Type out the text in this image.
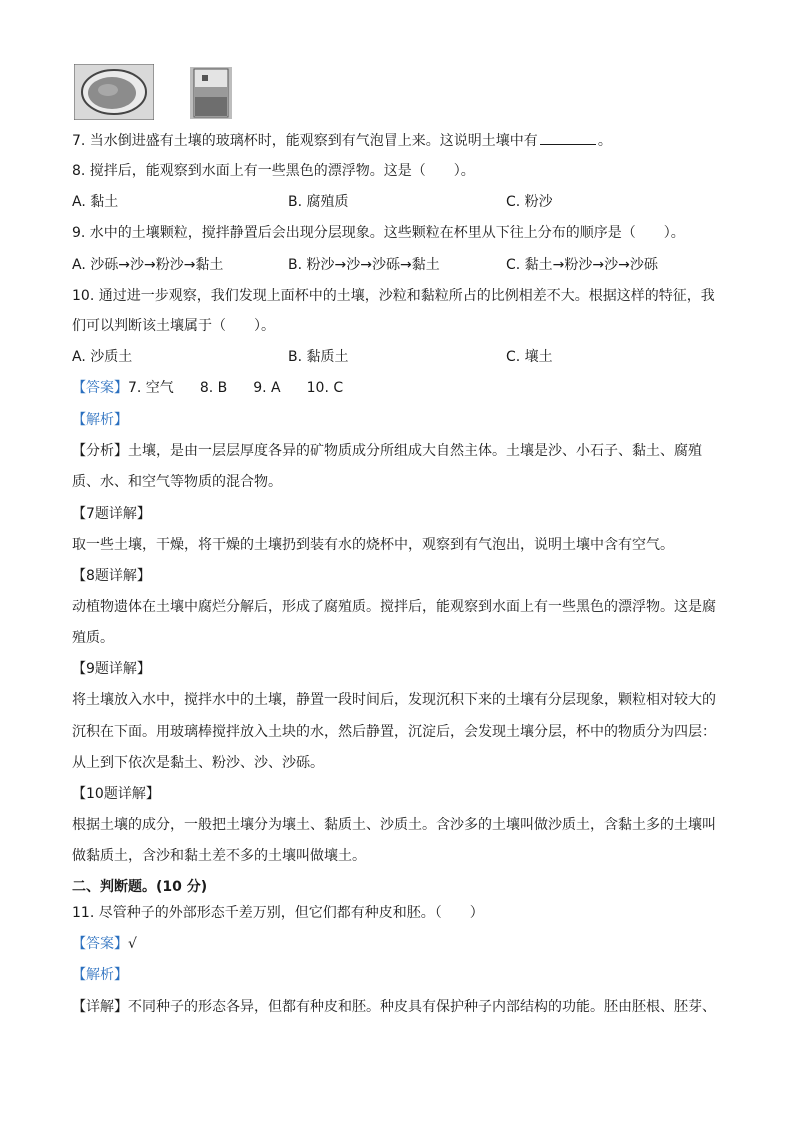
7. 当水倒进盛有土壤的玻璃杯时，能观察到有气泡冒上来。这说明土壤中有	。
8. 搅拌后，能观察到水面上有一些黑色的漂浮物。这是（　　）。
A. 黏土	B. 腐殖质	C. 粉沙
9. 水中的土壤颗粒，搅拌静置后会出现分层现象。这些颗粒在杯里从下往上分布的顺序是（　　）。
A. 沙砾→沙→粉沙→黏土	B. 粉沙→沙→沙砾→黏土	C. 黏土→粉沙→沙→沙砾
10. 通过进一步观察，我们发现上面杯中的土壤，沙粒和黏粒所占的比例相差不大。根据这样的特征，我
们可以判断该土壤属于（　　）。
A. 沙质土	B. 黏质土	C. 壤土
【答案】7. 空气 8. B 9. A 10. C
【解析】
【分析】土壤，是由一层层厚度各异的矿物质成分所组成大自然主体。土壤是沙、小石子、黏土、腐殖
质、水、和空气等物质的混合物。
【7题详解】
取一些土壤，干燥，将干燥的土壤扔到装有水的烧杯中，观察到有气泡出，说明土壤中含有空气。
【8题详解】
动植物遗体在土壤中腐烂分解后，形成了腐殖质。搅拌后，能观察到水面上有一些黑色的漂浮物。这是腐
殖质。
【9题详解】
将土壤放入水中，搅拌水中的土壤，静置一段时间后，发现沉积下来的土壤有分层现象，颗粒相对较大的
沉积在下面。用玻璃棒搅拌放入土块的水，然后静置，沉淀后，会发现土壤分层，杯中的物质分为四层：
从上到下依次是黏土、粉沙、沙、沙砾。
【10题详解】
根据土壤的成分，一般把土壤分为壤土、黏质土、沙质土。含沙多的土壤叫做沙质土，含黏土多的土壤叫
做黏质土，含沙和黏土差不多的土壤叫做壤土。
二、判断题。(10 分)
11. 尽管种子的外部形态千差万别，但它们都有种皮和胚。（　　）
【答案】√
【解析】
【详解】不同种子的形态各异，但都有种皮和胚。种皮具有保护种子内部结构的功能。胚由胚根、胚芽、
